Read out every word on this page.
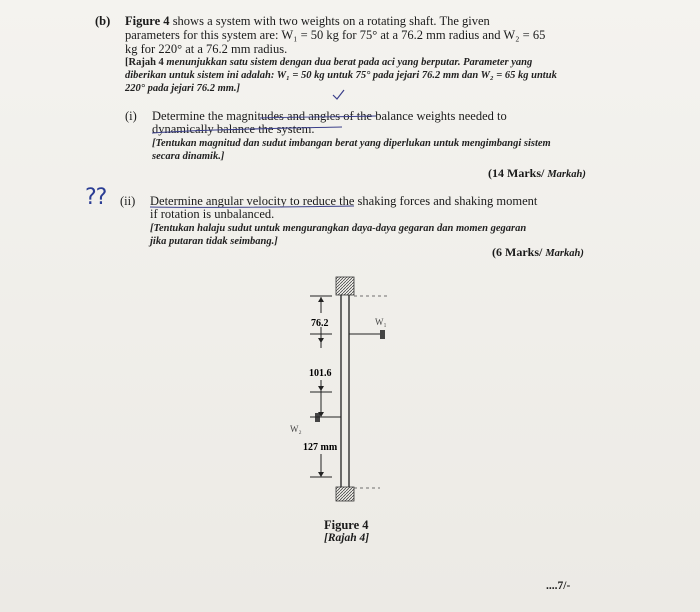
(b) Figure 4 shows a system with two weights on a rotating shaft. The given
parameters for this system are: W₁ = 50 kg for 75° at a 76.2 mm radius and W₂ = 65
kg for 220° at a 76.2 mm radius.
[Rajah 4 menunjukkan satu sistem dengan dua berat pada aci yang berputar. Parameter yang
diberikan untuk sistem ini adalah: W₁ = 50 kg untuk 75° pada jejari 76.2 mm dan W₂ = 65 kg untuk
220° pada jejari 76.2 mm.]
(i) Determine the magnitudes and angles of the balance weights needed to
dynamically balance the system.
[Tentukan magnitud dan sudut imbangan berat yang diperlukan untuk mengimbangi sistem
secara dinamik.]
(14 Marks/ Markah)
?? (ii) Determine angular velocity to reduce the shaking forces and shaking moment
if rotation is unbalanced.
[Tentukan halaju sudut untuk mengurangkan daya-daya gegaran dan momen gegaran
jika putaran tidak seimbang.]
(6 Marks/ Markah)
76.2
101.6
127 mm
W₁
W₂
Figure 4
[Rajah 4]
....7/-
